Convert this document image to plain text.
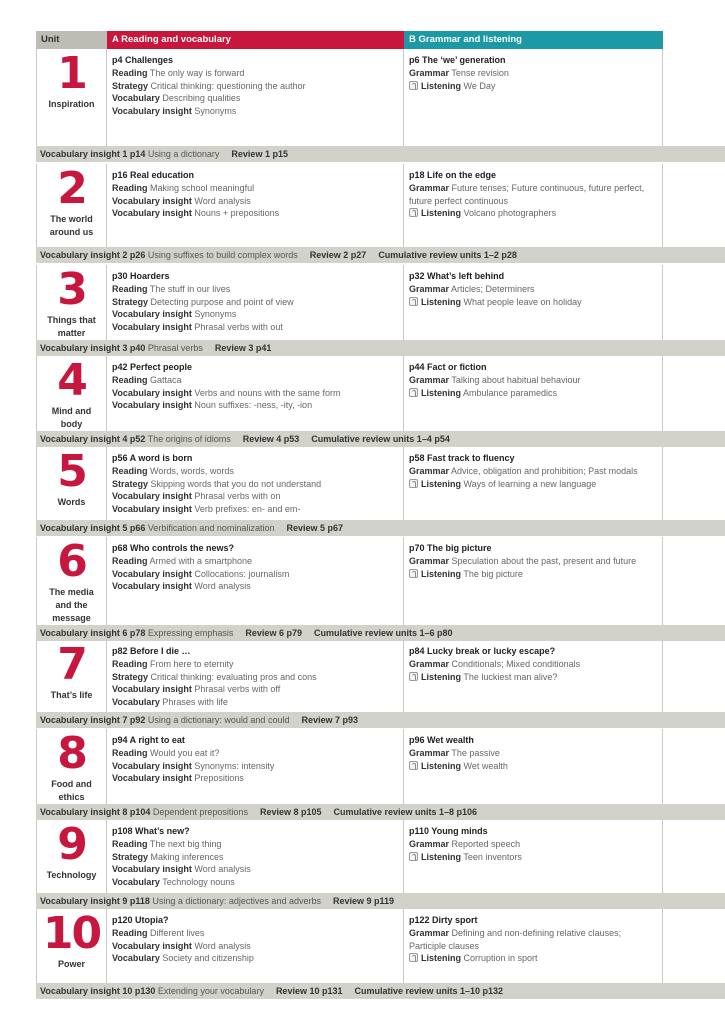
Unit	A Reading and vocabulary	B Grammar and listening
1
Inspiration
p4 Challenges
Reading The only way is forward
Strategy Critical thinking: questioning the author
Vocabulary Describing qualities
Vocabulary insight Synonyms
p6 The ‘we’ generation
Grammar Tense revision
Listening We Day
Vocabulary insight 1 p14 Using a dictionary Review 1 p15
2
The world
around us
p16 Real education
Reading Making school meaningful
Vocabulary insight Word analysis
Vocabulary insight Nouns + prepositions
p18 Life on the edge
Grammar Future tenses; Future continuous, future perfect, future perfect continuous
Listening Volcano photographers
Vocabulary insight 2 p26 Using suffixes to build complex words Review 2 p27 Cumulative review units 1–2 p28
3
Things that
matter
p30 Hoarders
Reading The stuff in our lives
Strategy Detecting purpose and point of view
Vocabulary insight Synonyms
Vocabulary insight Phrasal verbs with out
p32 What’s left behind
Grammar Articles; Determiners
Listening What people leave on holiday
Vocabulary insight 3 p40 Phrasal verbs Review 3 p41
4
Mind and
body
p42 Perfect people
Reading Gattaca
Vocabulary insight Verbs and nouns with the same form
Vocabulary insight Noun suffixes: -ness, -ity, -ion
p44 Fact or fiction
Grammar Talking about habitual behaviour
Listening Ambulance paramedics
Vocabulary insight 4 p52 The origins of idioms Review 4 p53 Cumulative review units 1–4 p54
5
Words
p56 A word is born
Reading Words, words, words
Strategy Skipping words that you do not understand
Vocabulary insight Phrasal verbs with on
Vocabulary insight Verb prefixes: en- and em-
p58 Fast track to fluency
Grammar Advice, obligation and prohibition; Past modals
Listening Ways of learning a new language
Vocabulary insight 5 p66 Verbification and nominalization Review 5 p67
6
The media
and the
message
p68 Who controls the news?
Reading Armed with a smartphone
Vocabulary insight Collocations: journalism
Vocabulary insight Word analysis
p70 The big picture
Grammar Speculation about the past, present and future
Listening The big picture
Vocabulary insight 6 p78 Expressing emphasis Review 6 p79 Cumulative review units 1–6 p80
7
That’s life
p82 Before I die …
Reading From here to eternity
Strategy Critical thinking: evaluating pros and cons
Vocabulary insight Phrasal verbs with off
Vocabulary Phrases with life
p84 Lucky break or lucky escape?
Grammar Conditionals; Mixed conditionals
Listening The luckiest man alive?
Vocabulary insight 7 p92 Using a dictionary: would and could Review 7 p93
8
Food and
ethics
p94 A right to eat
Reading Would you eat it?
Vocabulary insight Synonyms: intensity
Vocabulary insight Prepositions
p96 Wet wealth
Grammar The passive
Listening Wet wealth
Vocabulary insight 8 p104 Dependent prepositions Review 8 p105 Cumulative review units 1–8 p106
9
Technology
p108 What’s new?
Reading The next big thing
Strategy Making inferences
Vocabulary insight Word analysis
Vocabulary Technology nouns
p110 Young minds
Grammar Reported speech
Listening Teen inventors
Vocabulary insight 9 p118 Using a dictionary: adjectives and adverbs Review 9 p119
10
Power
p120 Utopia?
Reading Different lives
Vocabulary insight Word analysis
Vocabulary Society and citizenship
p122 Dirty sport
Grammar Defining and non-defining relative clauses; Participle clauses
Listening Corruption in sport
Vocabulary insight 10 p130 Extending your vocabulary Review 10 p131 Cumulative review units 1–10 p132
